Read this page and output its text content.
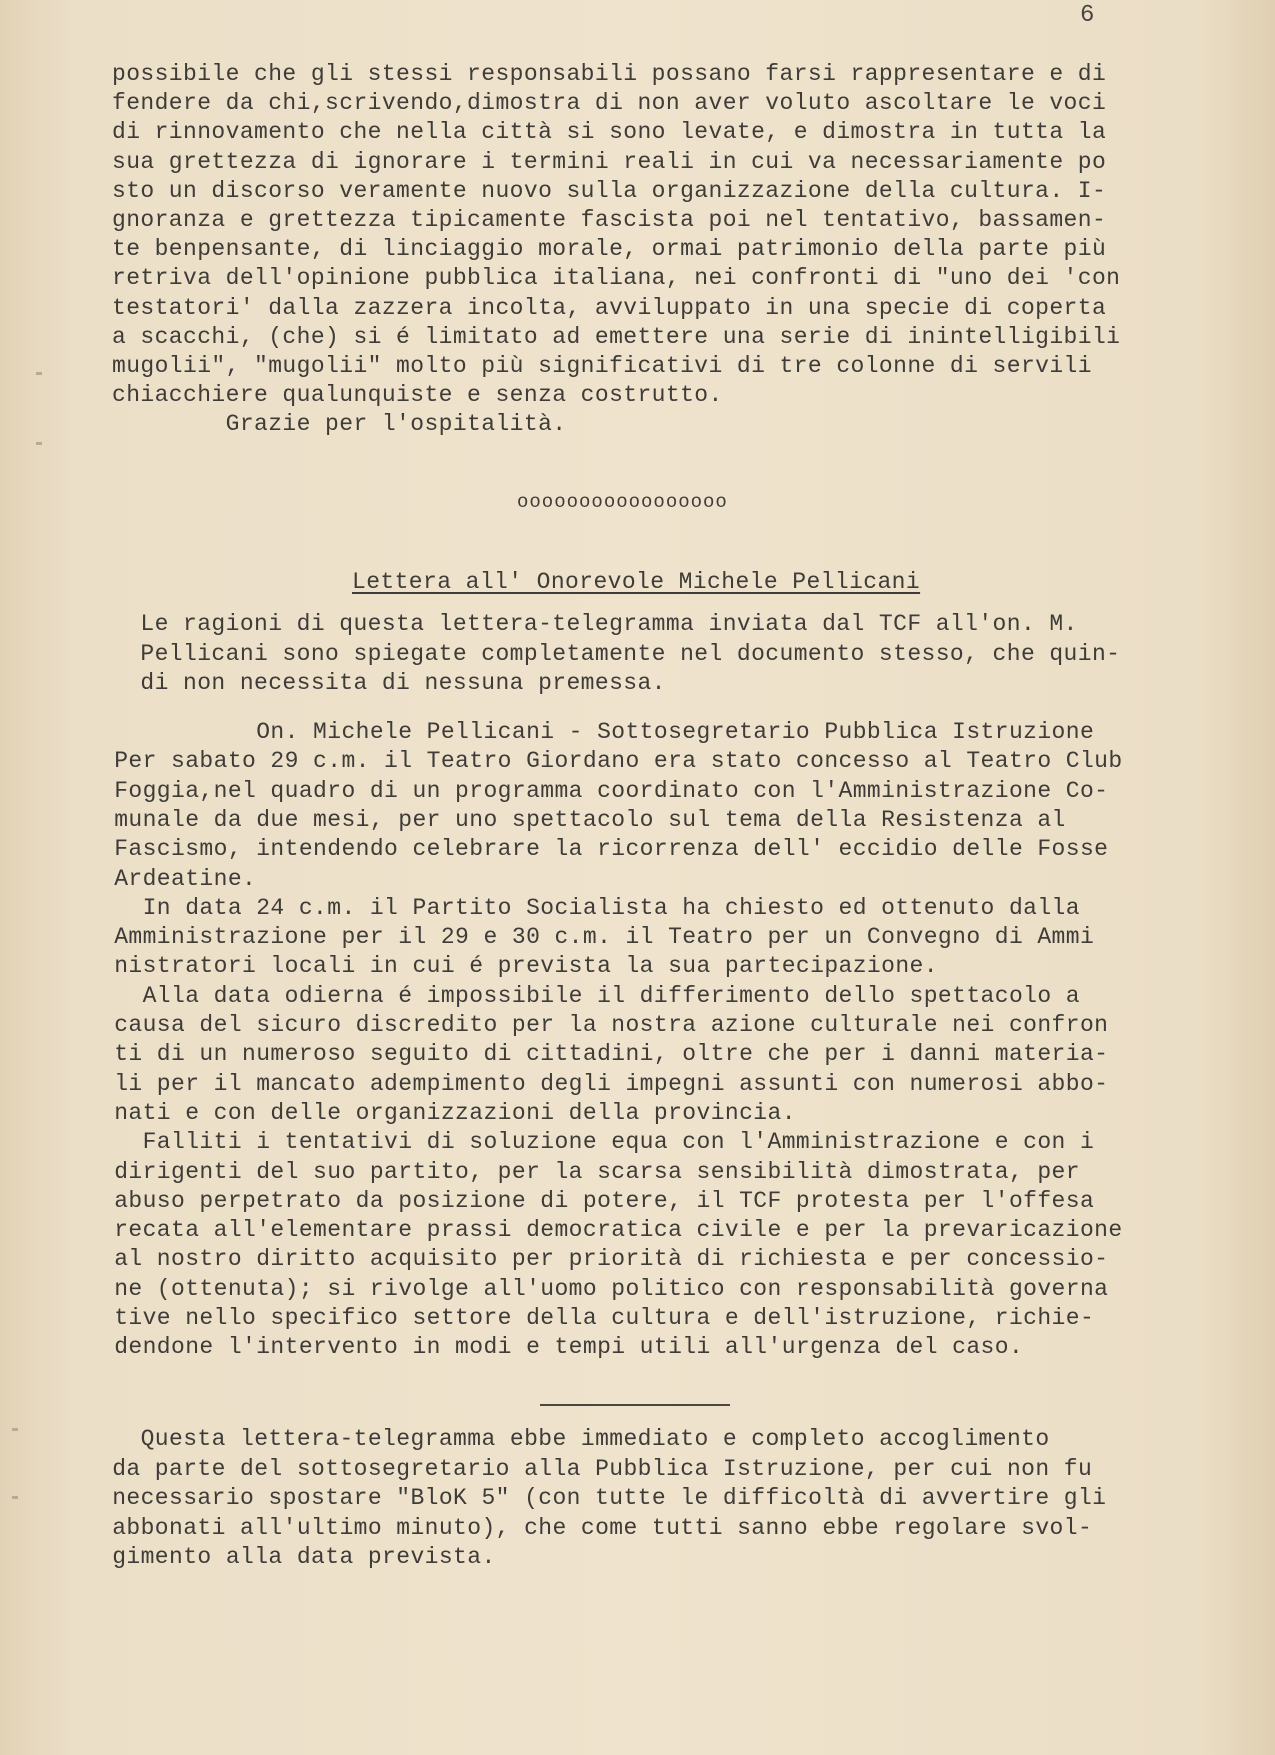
6
possibile che gli stessi responsabili possano farsi rappresentare e di
fendere da chi,scrivendo,dimostra di non aver voluto ascoltare le voci
di rinnovamento che nella città si sono levate, e dimostra in tutta la
sua grettezza di ignorare i termini reali in cui va necessariamente po
sto un discorso veramente nuovo sulla organizzazione della cultura. I-
gnoranza e grettezza tipicamente fascista poi nel tentativo, bassamen-
te benpensante, di linciaggio morale, ormai patrimonio della parte più
retriva dell'opinione pubblica italiana, nei confronti di "uno dei 'con
testatori' dalla zazzera incolta, avviluppato in una specie di coperta
a scacchi, (che) si é limitato ad emettere una serie di inintelligibili
mugolii", "mugolii" molto più significativi di tre colonne di servili
chiacchiere qualunquiste e senza costrutto.
Grazie per l'ospitalità.
ooooooooooooooooo
Lettera all' Onorevole Michele Pellicani
Le ragioni di questa lettera-telegramma inviata dal TCF all'on. M.
Pellicani sono spiegate completamente nel documento stesso, che quin-
di non necessita di nessuna premessa.
On. Michele Pellicani - Sottosegretario Pubblica Istruzione
Per sabato 29 c.m. il Teatro Giordano era stato concesso al Teatro Club
Foggia,nel quadro di un programma coordinato con l'Amministrazione Co-
munale da due mesi, per uno spettacolo sul tema della Resistenza al
Fascismo, intendendo celebrare la ricorrenza dell' eccidio delle Fosse
Ardeatine.
In data 24 c.m. il Partito Socialista ha chiesto ed ottenuto dalla
Amministrazione per il 29 e 30 c.m. il Teatro per un Convegno di Ammi
nistratori locali in cui é prevista la sua partecipazione.
Alla data odierna é impossibile il differimento dello spettacolo a
causa del sicuro discredito per la nostra azione culturale nei confron
ti di un numeroso seguito di cittadini, oltre che per i danni materia-
li per il mancato adempimento degli impegni assunti con numerosi abbo-
nati e con delle organizzazioni della provincia.
Falliti i tentativi di soluzione equa con l'Amministrazione e con i
dirigenti del suo partito, per la scarsa sensibilità dimostrata, per
abuso perpetrato da posizione di potere, il TCF protesta per l'offesa
recata all'elementare prassi democratica civile e per la prevaricazione
al nostro diritto acquisito per priorità di richiesta e per concessio-
ne (ottenuta); si rivolge all'uomo politico con responsabilità governa
tive nello specifico settore della cultura e dell'istruzione, richie-
dendone l'intervento in modi e tempi utili all'urgenza del caso.
Questa lettera-telegramma ebbe immediato e completo accoglimento
da parte del sottosegretario alla Pubblica Istruzione, per cui non fu
necessario spostare "BloK 5" (con tutte le difficoltà di avvertire gli
abbonati all'ultimo minuto), che come tutti sanno ebbe regolare svol-
gimento alla data prevista.
